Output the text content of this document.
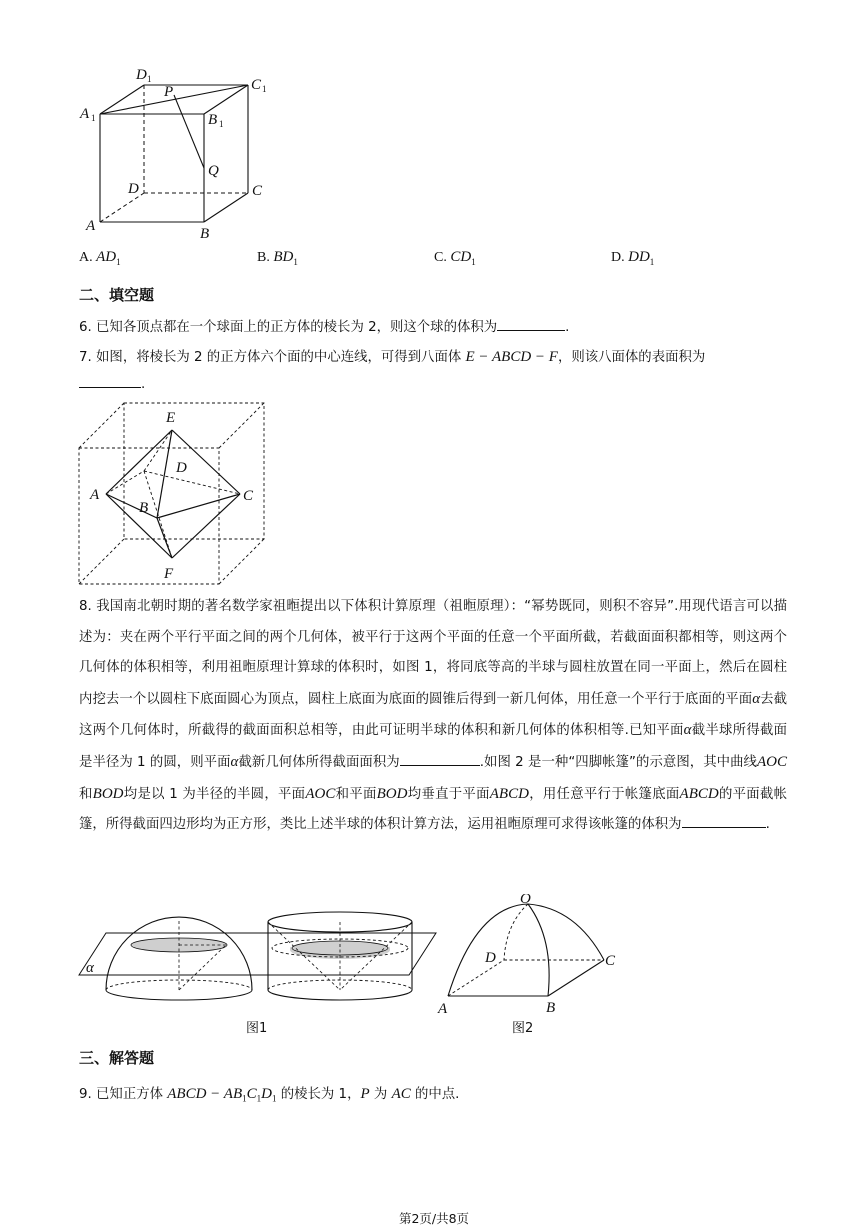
D 1	C 1
A 1
P
B 1
Q
D	C
A	B
A. $AD_1$	B. $BD_1$	C. $CD_1$	D. $DD_1$
二、填空题
6. 已知各顶点都在一个球面上的正方体的棱长为 2，则这个球的体积为	.
7. 如图，将棱长为 2 的正方体六个面的中心连线，可得到八面体 E − ABCD − F，则该八面体的表面积为
.
E
D
A	C
B
F
8. 我国南北朝时期的著名数学家祖暅提出以下体积计算原理（祖暅原理）：“幂势既同，则积不容异”.用现代语言可以描述为：夹在两个平行平面之间的两个几何体，被平行于这两个平面的任意一个平面所截，若截面面积都相等，则这两个几何体的体积相等，利用祖暅原理计算球的体积时，如图 1，将同底等高的半球与圆柱放置在同一平面上，然后在圆柱内挖去一个以圆柱下底面圆心为顶点，圆柱上底面为底面的圆锥后得到一新几何体，用任意一个平行于底面的平面α去截这两个几何体时，所截得的截面面积总相等，由此可证明半球的体积和新几何体的体积相等.已知平面α截半球所得截面是半径为 1 的圆，则平面α截新几何体所得截面面积为	.如图 2 是一种“四脚帐篷”的示意图，其中曲线AOC和BOD均是以 1 为半径的半圆，平面AOC和平面BOD均垂直于平面ABCD，用任意平行于帐篷底面ABCD的平面截帐篷，所得截面四边形均为正方形，类比上述半球的体积计算方法，运用祖暅原理可求得该帐篷的体积为	.
α
图1
O
D	C
A	B
图2
三、解答题
9. 已知正方体 ABCD − $AB_1C_1D_1$ 的棱长为 1，P 为 AC 的中点.
第2页/共8页
